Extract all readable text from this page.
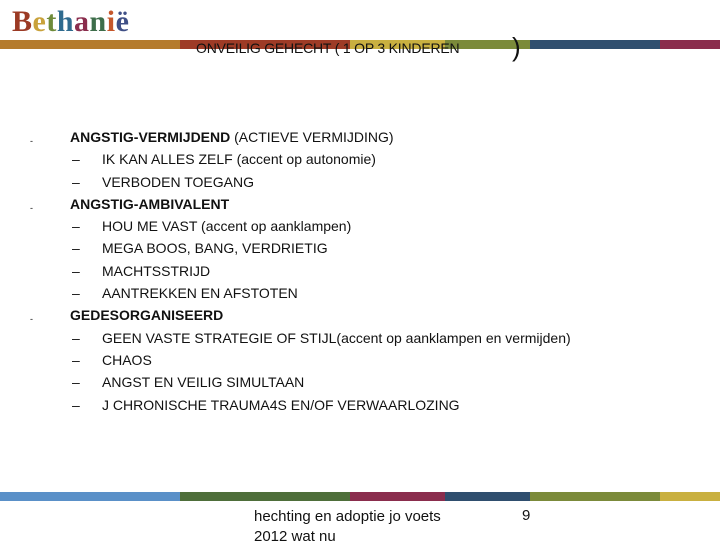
Bethanië
ONVEILIG GEHECHT ( 1 OP 3 KINDEREN )
-	ANGSTIG-VERMIJDEND (ACTIEVE VERMIJDING)
– IK KAN ALLES ZELF (accent op autonomie)
– VERBODEN TOEGANG
-	ANGSTIG-AMBIVALENT
– HOU ME VAST (accent op aanklampen)
– MEGA BOOS, BANG, VERDRIETIG
– MACHTSSTRIJD
– AANTREKKEN EN AFSTOTEN
-	GEDESORGANISEERD
– GEEN VASTE STRATEGIE OF STIJL(accent op aanklampen en vermijden)
– CHAOS
– ANGST EN VEILIG SIMULTAAN
– J CHRONISCHE TRAUMA4S EN/OF VERWAARLOZING
hechting en adoptie jo voets 2012 wat nu
9
